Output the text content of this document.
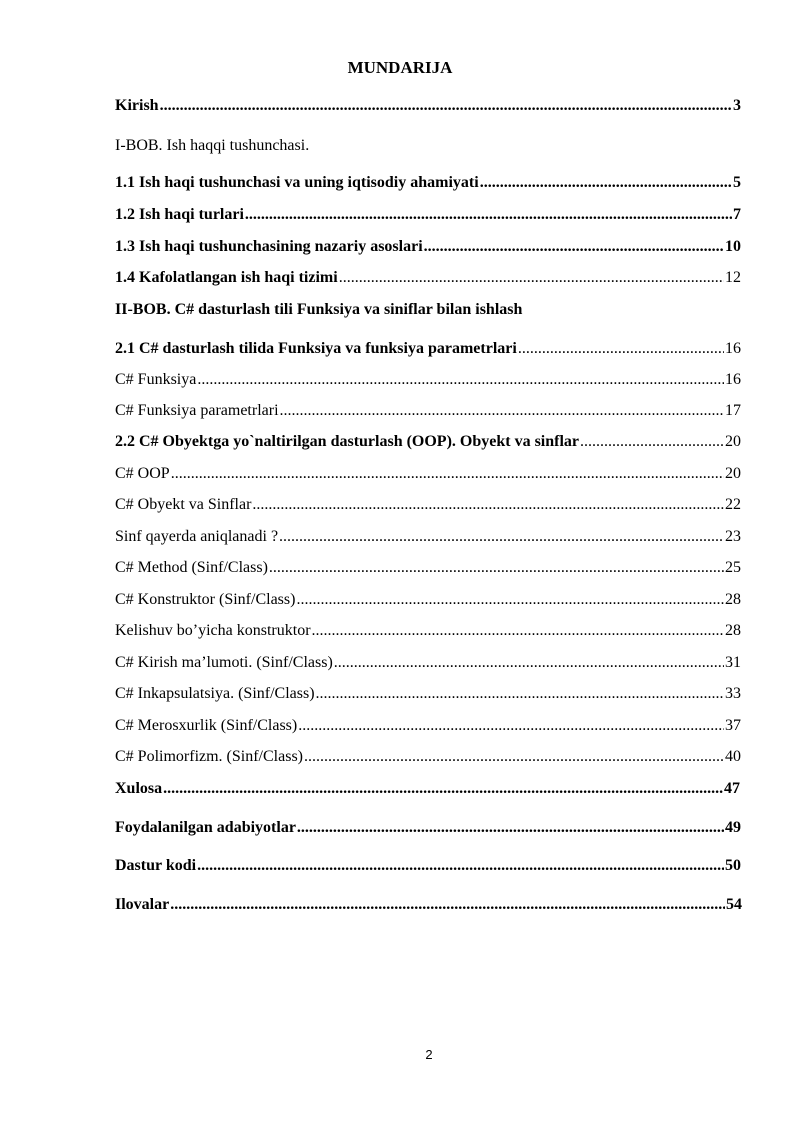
MUNDARIJA
Kirish .....	3
I-BOB. Ish haqqi tushunchasi.
1.1 Ish haqi tushunchasi va uning iqtisodiy ahamiyati .....	5
1.2 Ish haqi turlari .....	7
1.3 Ish haqi tushunchasining nazariy asoslari .....	10
1.4 Kafolatlangan ish haqi tizimi .....	12
II-BOB. C# dasturlash tili Funksiya va siniflar bilan ishlash
2.1 C# dasturlash tilida Funksiya va funksiya parametrlari .....	16
C# Funksiya .....	16
C# Funksiya parametrlari .....	17
2.2 C# Obyektga yo`naltirilgan dasturlash (OOP). Obyekt va sinflar .....	20
C# OOP .....	20
C# Obyekt va Sinflar .....	22
Sinf qayerda aniqlanadi ? .....	23
C# Method (Sinf/Class) .....	25
C# Konstruktor (Sinf/Class) .....	28
Kelishuv bo’yicha konstruktor .....	28
C# Kirish ma’lumoti. (Sinf/Class) .....	31
C# Inkapsulatsiya. (Sinf/Class) .....	33
C# Merosxurlik (Sinf/Class) .....	37
C# Polimorfizm. (Sinf/Class) .....	40
Xulosa .....	47
Foydalanilgan adabiyotlar .....	49
Dastur kodi .....	50
Ilovalar .....	54
2
